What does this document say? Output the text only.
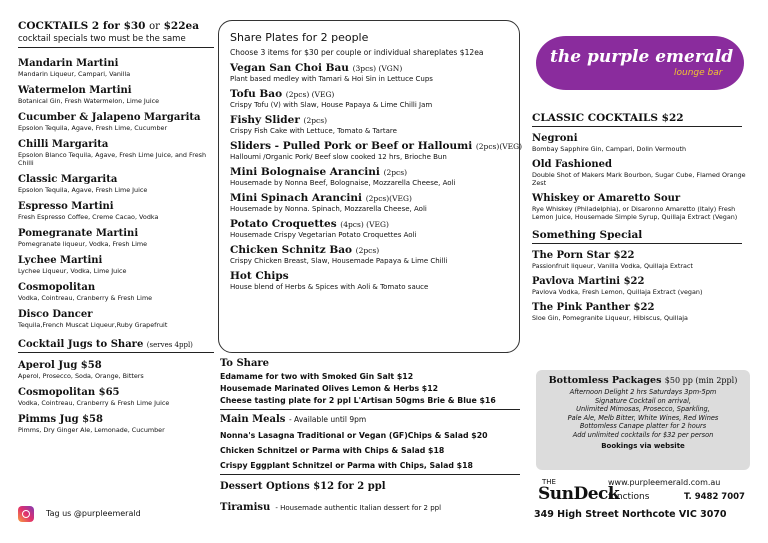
COCKTAILS 2 for $30 or $22ea
cocktail specials two must be the same
Mandarin Martini
Mandarin Liqueur, Campari, Vanilla
Watermelon Martini
Botanical Gin, Fresh Watermelon, Lime Juice
Cucumber & Jalapeno Margarita
Epsolon Tequila, Agave, Fresh Lime, Cucumber
Chilli Margarita
Epsolon Blanco Tequila, Agave, Fresh Lime Juice, and Fresh Chilli
Classic Margarita
Epsolon Tequila, Agave, Fresh Lime Juice
Espresso Martini
Fresh Espresso Coffee, Creme Cacao, Vodka
Pomegranate Martini
Pomegranate liqueur, Vodka, Fresh Lime
Lychee Martini
Lychee Liqueur, Vodka, Lime Juice
Cosmopolitan
Vodka, Cointreau, Cranberry & Fresh Lime
Disco Dancer
Tequila,French Muscat Liqueur,Ruby Grapefruit
Cocktail Jugs to Share (serves 4ppl)
Aperol Jug $58
Aperol, Prosecco, Soda, Orange, Bitters
Cosmopolitan $65
Vodka, Cointreau, Cranberry & Fresh Lime Juice
Pimms Jug $58
Pimms, Dry Ginger Ale, Lemonade, Cucumber
Tag us @purpleemerald
Share Plates for 2 people
Choose 3 items for $30 per couple or individual shareplates $12ea
Vegan San Choi Bau (3pcs) (VGN)
Plant based medley with Tamari & Hoi Sin in Lettuce Cups
Tofu Bao (2pcs) (VEG)
Crispy Tofu (V) with Slaw, House Papaya & Lime Chilli Jam
Fishy Slider (2pcs)
Crispy Fish Cake with Lettuce, Tomato & Tartare
Sliders - Pulled Pork or Beef or Halloumi (2pcs)(VEG)
Halloumi /Organic Pork/ Beef slow cooked 12 hrs, Brioche Bun
Mini Bolognaise Arancini (2pcs)
Housemade by Nonna Beef, Bolognaise, Mozzarella Cheese, Aoli
Mini Spinach Arancini (2pcs)(VEG)
Housemade by Nonna. Spinach, Mozzarella Cheese, Aoli
Potato Croquettes (4pcs) (VEG)
Housemade Crispy Vegetarian Potato Croquettes Aoli
Chicken Schnitz Bao (2pcs)
Crispy Chicken Breast, Slaw, Housemade Papaya & Lime Chilli
Hot Chips
House blend of Herbs & Spices with Aoli & Tomato sauce
To Share
Edamame for two with Smoked Gin Salt $12
Housemade Marinated Olives Lemon & Herbs $12
Cheese tasting plate for 2 ppl L'Artisan 50gms Brie & Blue $16
Main Meals - Available until 9pm
Nonna's Lasagna Traditional or Vegan (GF)Chips & Salad $20
Chicken Schnitzel or Parma with Chips & Salad $18
Crispy Eggplant Schnitzel or Parma with Chips, Salad $18
Dessert Options $12 for 2 ppl
Tiramisu - Housemade authentic Italian dessert for 2 ppl
the purple emerald
lounge bar
CLASSIC COCKTAILS $22
Negroni
Bombay Sapphire Gin, Campari, Dolin Vermouth
Old Fashioned
Double Shot of Makers Mark Bourbon, Sugar Cube, Flamed Orange Zest
Whiskey or Amaretto Sour
Rye Whiskey (Philadelphia), or Disaronno Amaretto (Italy) Fresh Lemon Juice, Housemade Simple Syrup, Quillaja Extract (Vegan)
Something Special
The Porn Star $22
Passionfruit liqueur, Vanilla Vodka, Quillaja Extract
Pavlova Martini $22
Pavlova Vodka, Fresh Lemon, Quillaja Extract (vegan)
The Pink Panther $22
Sloe Gin, Pomegranite Liqueur, Hibiscus, Quillaja
Bottomless Packages $50 pp (min 2ppl)
Afternoon Delight 2 hrs Saturdays 3pm-5pm
Signature Cocktail on arrival,
Unlimited Mimosas, Prosecco, Sparkling,
Pale Ale, Melb Bitter, White Wines, Red Wines
Bottomless Canape platter for 2 hours
Add unlimited cocktails for $32 per person
Bookings via website
THE
SunDeck
www.purpleemerald.com.au
functions	T. 9482 7007
349 High Street Northcote VIC 3070
